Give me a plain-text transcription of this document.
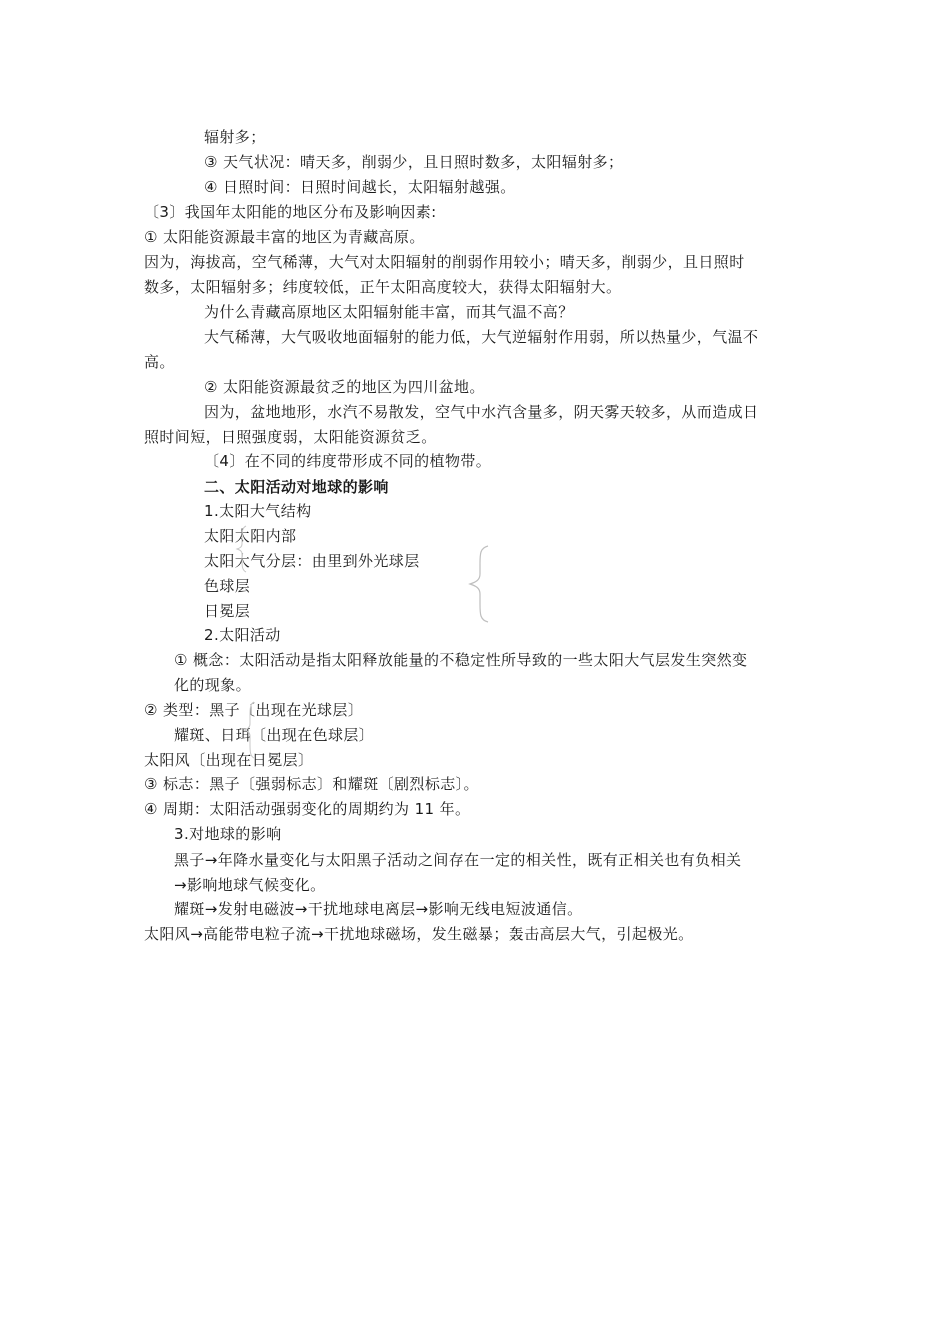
辐射多；
③ 天气状况：晴天多，削弱少，且日照时数多，太阳辐射多；
④ 日照时间：日照时间越长，太阳辐射越强。
〔3〕我国年太阳能的地区分布及影响因素:
① 太阳能资源最丰富的地区为青藏高原。
因为，海拔高，空气稀薄，大气对太阳辐射的削弱作用较小；晴天多，削弱少，且日照时
数多，太阳辐射多；纬度较低，正午太阳高度较大，获得太阳辐射大。
为什么青藏高原地区太阳辐射能丰富，而其气温不高？
大气稀薄，大气吸收地面辐射的能力低，大气逆辐射作用弱，所以热量少，气温不
高。
② 太阳能资源最贫乏的地区为四川盆地。
因为，盆地地形，水汽不易散发，空气中水汽含量多，阴天雾天较多，从而造成日
照时间短，日照强度弱，太阳能资源贫乏。
〔4〕在不同的纬度带形成不同的植物带。
二、太阳活动对地球的影响
1.太阳大气结构
太阳太阳内部
太阳大气分层：由里到外光球层
色球层
日冕层
2.太阳活动
① 概念：太阳活动是指太阳释放能量的不稳定性所导致的一些太阳大气层发生突然变
化的现象。
② 类型：黑子〔出现在光球层〕
耀斑、日珥〔出现在色球层〕
太阳风〔出现在日冕层〕
③ 标志：黑子〔强弱标志〕和耀斑〔剧烈标志〕。
④ 周期：太阳活动强弱变化的周期约为 11 年。
3.对地球的影响
黑子→年降水量变化与太阳黑子活动之间存在一定的相关性，既有正相关也有负相关
→影响地球气候变化。
耀斑→发射电磁波→干扰地球电离层→影响无线电短波通信。
太阳风→高能带电粒子流→干扰地球磁场，发生磁暴；轰击高层大气，引起极光。
